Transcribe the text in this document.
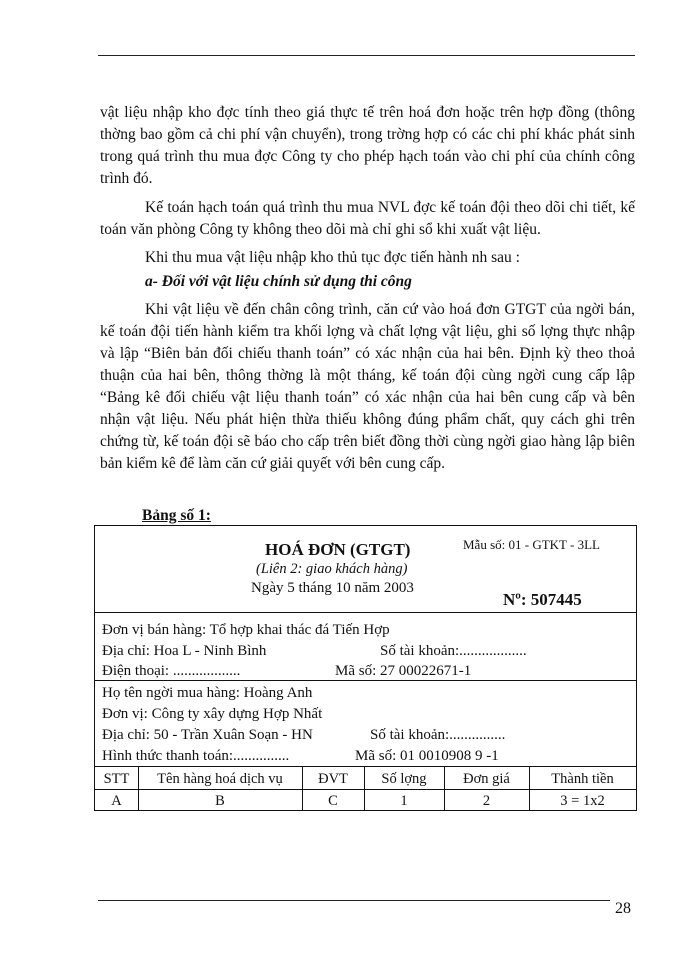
vật liệu nhập kho đợc tính theo giá thực tế trên hoá đơn hoặc trên hợp đồng (thông thờng bao gồm cả chi phí vận chuyển), trong trờng hợp có các chi phí khác phát sinh trong quá trình thu mua đợc Công ty cho phép hạch toán vào chi phí của chính công trình đó.

Kế toán hạch toán quá trình thu mua NVL đợc kế toán đội theo dõi chi tiết, kế toán văn phòng Công ty không theo dõi mà chỉ ghi sổ khi xuất vật liệu.

Khi thu mua vật liệu nhập kho thủ tục đợc tiến hành nh sau :

a- Đối với vật liệu chính sử dụng thi công

Khi vật liệu về đến chân công trình, căn cứ vào hoá đơn GTGT của ngời bán, kế toán đội tiến hành kiểm tra khối lợng và chất lợng vật liệu, ghi số lợng thực nhập và lập “Biên bản đối chiếu thanh toán” có xác nhận của hai bên. Định kỳ theo thoả thuận của hai bên, thông thờng là một tháng, kế toán đội cùng ngời cung cấp lập “Bảng kê đối chiếu vật liệu thanh toán” có xác nhận của hai bên cung cấp và bên nhận vật liệu. Nếu phát hiện thừa thiếu không đúng phẩm chất, quy cách ghi trên chứng từ, kế toán đội sẽ báo cho cấp trên biết đồng thời cùng ngời giao hàng lập biên bản kiểm kê để làm căn cứ giải quyết với bên cung cấp.

Bảng số 1:
HOÁ ĐƠN (GTGT)	Mẫu số: 01 - GTKT - 3LL
(Liên 2: giao khách hàng)
Ngày 5 tháng 10 năm 2003
Nº: 507445
Đơn vị bán hàng: Tổ hợp khai thác đá Tiến Hợp
Địa chỉ: Hoa L - Ninh Bình	Số tài khoản:..................
Điện thoại: ..................	Mã số: 27 00022671-1
Họ tên ngời mua hàng: Hoàng Anh
Đơn vị: Công ty xây dựng Hợp Nhất
Địa chỉ: 50 - Trần Xuân Soạn - HN	Số tài khoản:...............
Hình thức thanh toán:...............	Mã số: 01 0010908 9 -1
STT	Tên hàng hoá dịch vụ	ĐVT	Số lợng	Đơn giá	Thành tiền
A	B	C	1	2	3 = 1x2
28
